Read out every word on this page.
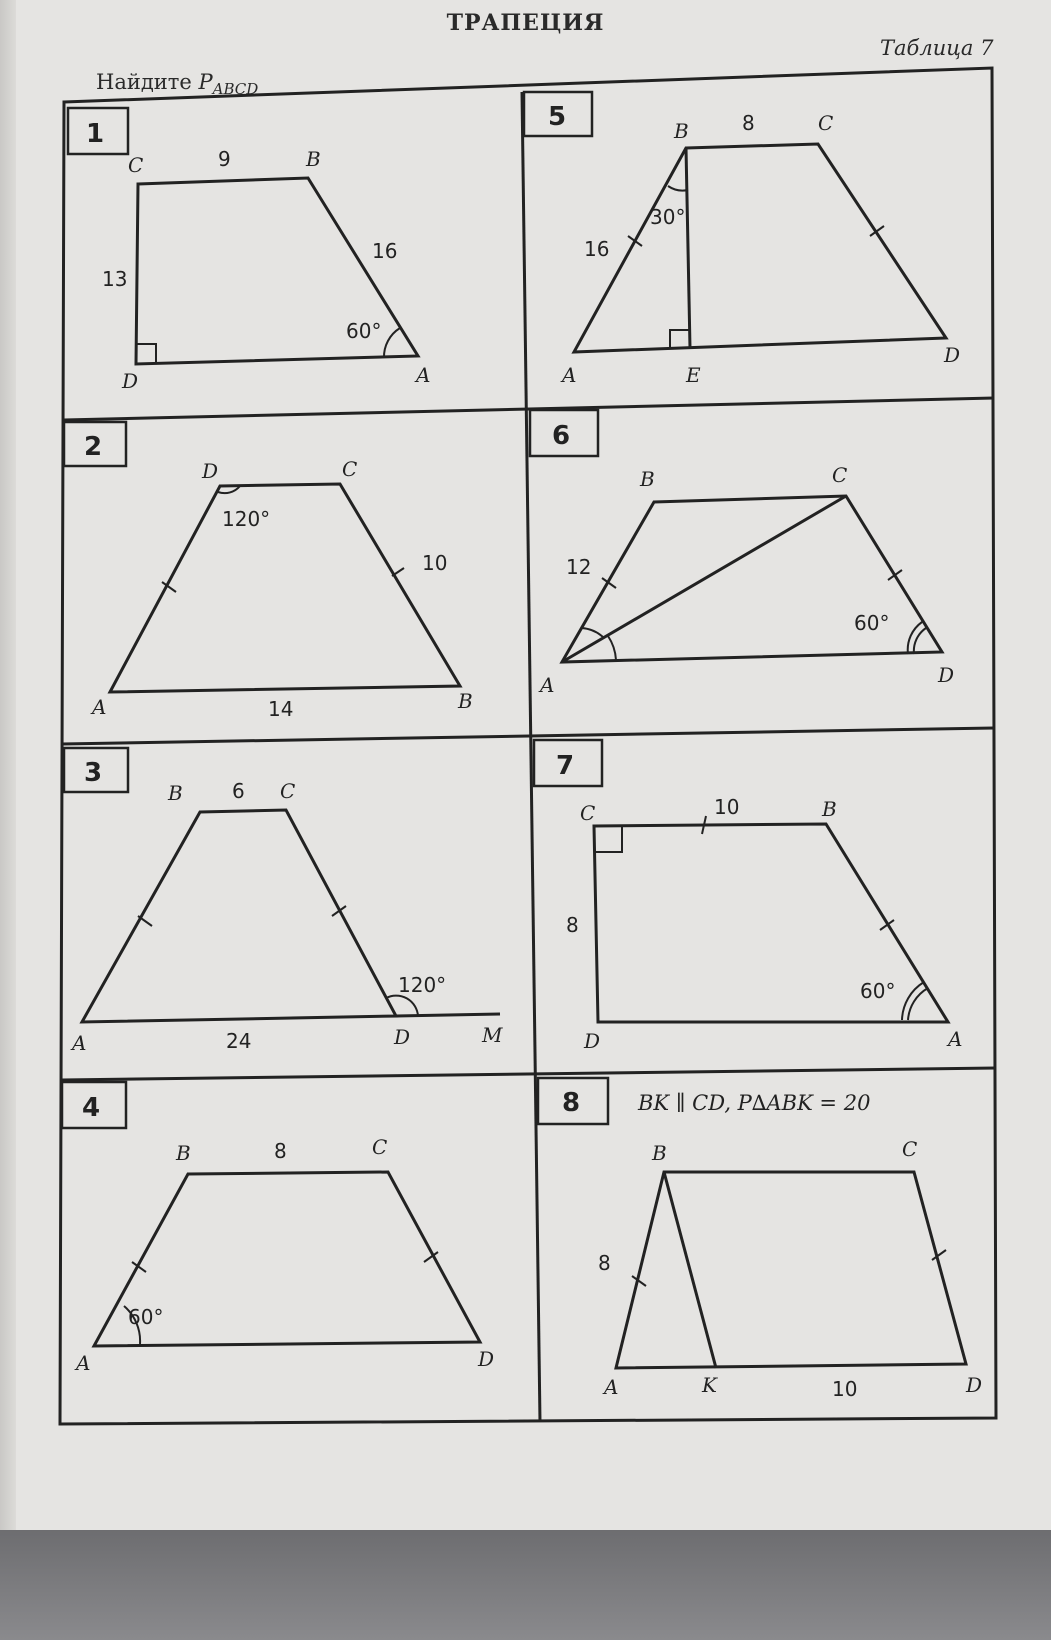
ТРАПЕЦИЯ
Таблица 7
Найдите $P_{ABCD}$
1
2
3
4
5
6
7
8
C	B
D	A
9
13
16
60°
D	C
A	B
120°
10
14
B	C
A	D	M
6
120°
24
B	C
A	D
8
60°
B	C
A	E
D
8
16
30°
B	C
A	D
12
60°
C	B
D	A
10
8
60°
BK ∥ CD, P∆ABK = 20
B	C
A	K	D
8
10
